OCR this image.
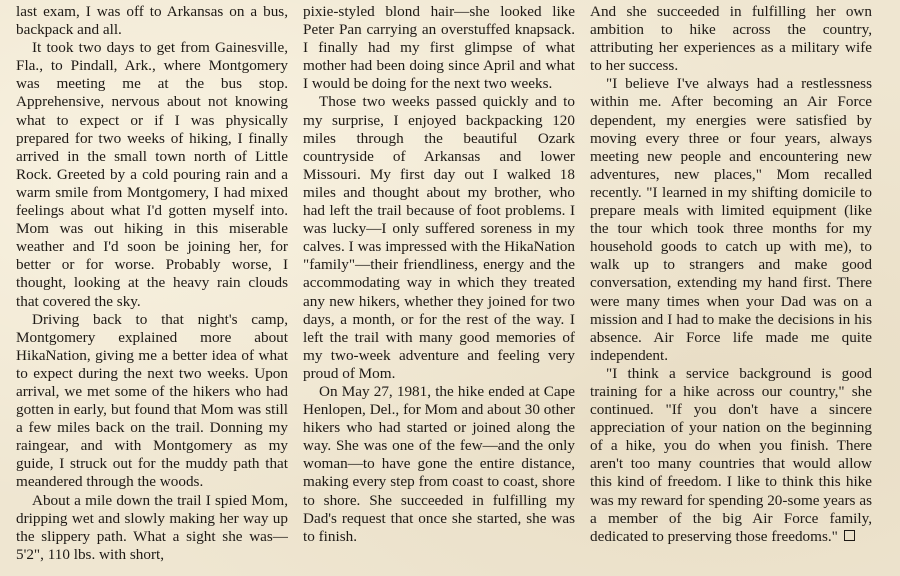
last exam, I was off to Arkansas on a bus, backpack and all.

It took two days to get from Gainesville, Fla., to Pindall, Ark., where Montgomery was meeting me at the bus stop. Apprehensive, nervous about not knowing what to expect or if I was physically prepared for two weeks of hiking, I finally arrived in the small town north of Little Rock. Greeted by a cold pouring rain and a warm smile from Montgomery, I had mixed feelings about what I'd gotten myself into. Mom was out hiking in this miserable weather and I'd soon be joining her, for better or for worse. Probably worse, I thought, looking at the heavy rain clouds that covered the sky.

Driving back to that night's camp, Montgomery explained more about HikaNation, giving me a better idea of what to expect during the next two weeks. Upon arrival, we met some of the hikers who had gotten in early, but found that Mom was still a few miles back on the trail. Donning my raingear, and with Montgomery as my guide, I struck out for the muddy path that meandered through the woods.

About a mile down the trail I spied Mom, dripping wet and slowly making her way up the slippery path. What a sight she was—5'2", 110 lbs. with short,

pixie-styled blond hair—she looked like Peter Pan carrying an overstuffed knapsack. I finally had my first glimpse of what mother had been doing since April and what I would be doing for the next two weeks.

Those two weeks passed quickly and to my surprise, I enjoyed backpacking 120 miles through the beautiful Ozark countryside of Arkansas and lower Missouri. My first day out I walked 18 miles and thought about my brother, who had left the trail because of foot problems. I was lucky—I only suffered soreness in my calves. I was impressed with the HikaNation "family"—their friendliness, energy and the accommodating way in which they treated any new hikers, whether they joined for two days, a month, or for the rest of the way. I left the trail with many good memories of my two-week adventure and feeling very proud of Mom.

On May 27, 1981, the hike ended at Cape Henlopen, Del., for Mom and about 30 other hikers who had started or joined along the way. She was one of the few—and the only woman—to have gone the entire distance, making every step from coast to coast, shore to shore. She succeeded in fulfilling my Dad's request that once she started, she was to finish.

And she succeeded in fulfilling her own ambition to hike across the country, attributing her experiences as a military wife to her success.

"I believe I've always had a restlessness within me. After becoming an Air Force dependent, my energies were satisfied by moving every three or four years, always meeting new people and encountering new adventures, new places," Mom recalled recently. "I learned in my shifting domicile to prepare meals with limited equipment (like the tour which took three months for my household goods to catch up with me), to walk up to strangers and make good conversation, extending my hand first. There were many times when your Dad was on a mission and I had to make the decisions in his absence. Air Force life made me quite independent.

"I think a service background is good training for a hike across our country," she continued. "If you don't have a sincere appreciation of your nation on the beginning of a hike, you do when you finish. There aren't too many countries that would allow this kind of freedom. I like to think this hike was my reward for spending 20-some years as a member of the big Air Force family, dedicated to preserving those freedoms."
